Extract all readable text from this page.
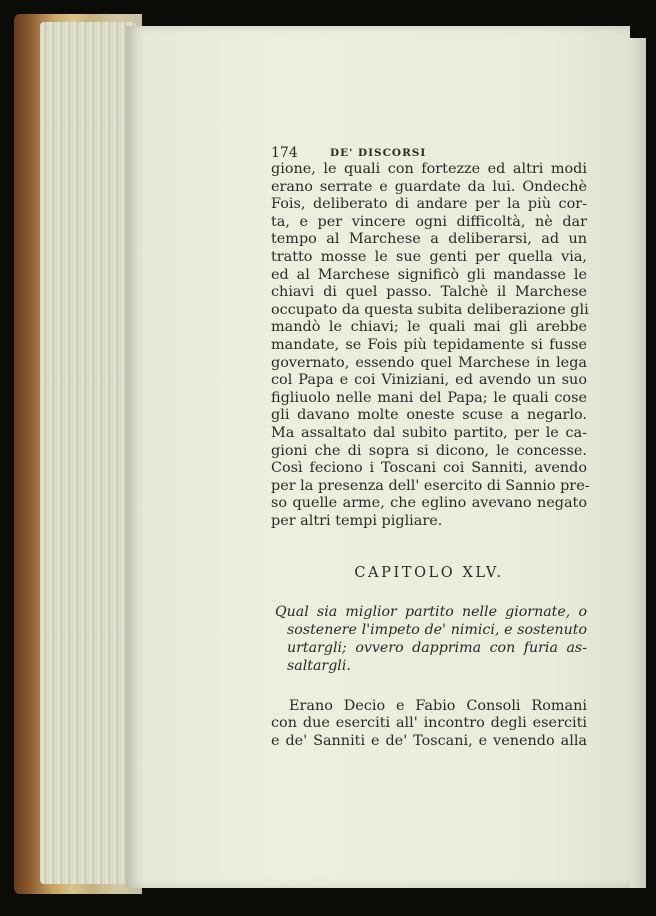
174	DE' DISCORSI
gione, le quali con fortezze ed altri modi
erano serrate e guardate da lui. Ondechè
Fois, deliberato di andare per la più cor-
ta, e per vincere ogni difficoltà, nè dar
tempo al Marchese a deliberarsi, ad un
tratto mosse le sue genti per quella via,
ed al Marchese significò gli mandasse le
chiavi di quel passo. Talchè il Marchese
occupato da questa subita deliberazione gli
mandò le chiavi; le quali mai gli arebbe
mandate, se Fois più tepidamente si fusse
governato, essendo quel Marchese in lega
col Papa e coi Viniziani, ed avendo un suo
figliuolo nelle mani del Papa; le quali cose
gli davano molte oneste scuse a negarlo.
Ma assaltato dal subito partito, per le ca-
gioni che di sopra si dicono, le concesse.
Così feciono i Toscani coi Sanniti, avendo
per la presenza dell' esercito di Sannio pre-
so quelle arme, che eglino avevano negato
per altri tempi pigliare.
CAPITOLO XLV.
Qual sia miglior partito nelle giornate, o
sostenere l'impeto de' nimici, e sostenuto
urtargli; ovvero dapprima con furia as-
saltargli.
Erano Decio e Fabio Consoli Romani
con due eserciti all' incontro degli eserciti
e de' Sanniti e de' Toscani, e venendo alla
